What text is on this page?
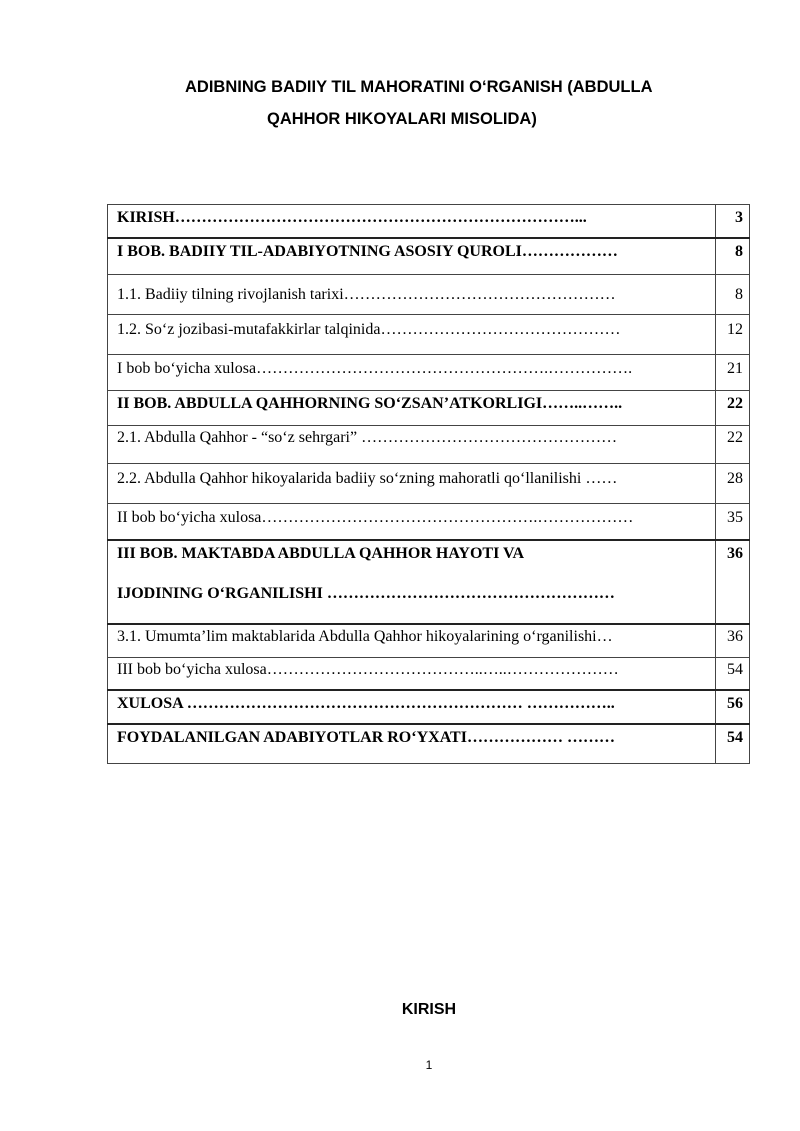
ADIBNING BADIIY TIL MAHORATINI O‘RGANISH (ABDULLA
QAHHOR HIKOYALARI MISOLIDA)
KIRISH…………………………………………………………………...	3

I BOB. BADIIY TIL-ADABIYOTNING ASOSIY QUROLI………………	8

1.1. Badiiy tilning rivojlanish tarixi……………………………………………	8

1.2. So‘z jozibasi-mutafakkirlar talqinida………………………………………	12

I bob bo‘yicha xulosa……………………………………………….…………….	21

II BOB. ABDULLA QAHHORNING SO‘ZSAN’ATKORLIGI……..……..	22

2.1. Abdulla Qahhor - “so‘z sehrgari” …………………………………………	22

2.2. Abdulla Qahhor hikoyalarida badiiy so‘zning mahoratli qo‘llanilishi ……	28

II bob bo‘yicha xulosa…………………………………………….………………	35

III BOB. MAKTABDA ABDULLA QAHHOR HAYOTI VA
IJODINING O‘RGANILISHI ………………………………………………	36

3.1. Umumta’lim maktablarida Abdulla Qahhor hikoyalarining o‘rganilishi…	36

III bob bo‘yicha xulosa…………………………………..…..…………………	54

XULOSA ……………………………………………………… ……………..	56

FOYDALANILGAN ADABIYOTLAR RO‘YXATI……………… ………	54
KIRISH
1
